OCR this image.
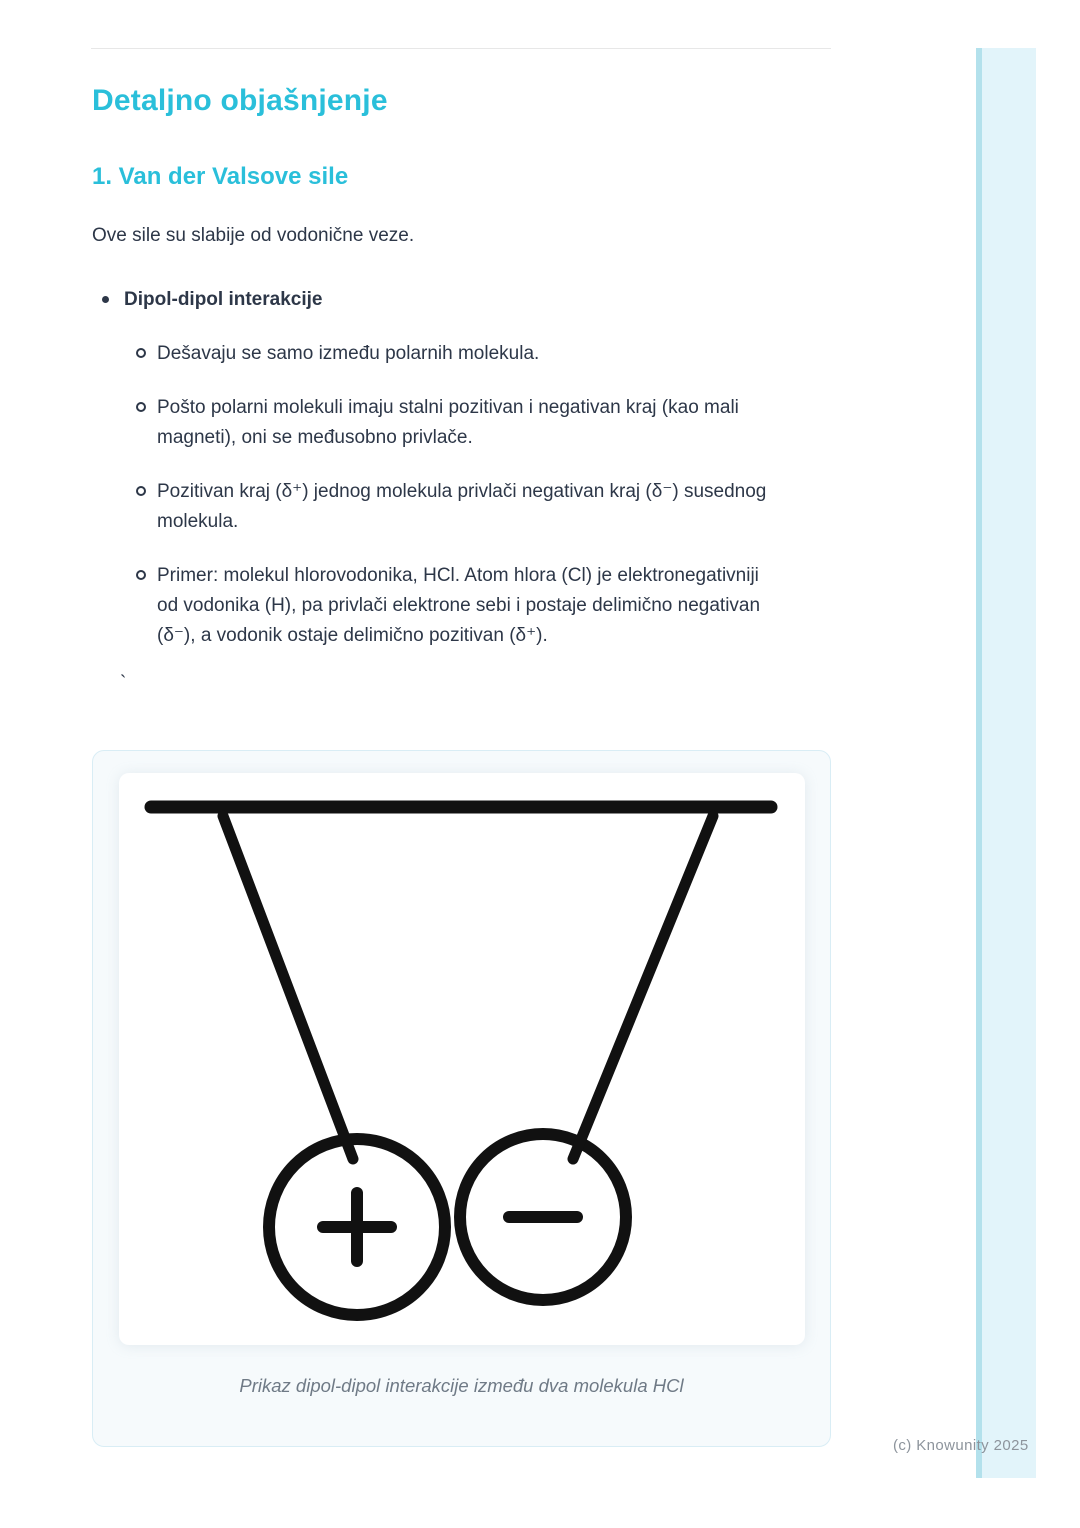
Detaljno objašnjenje
1. Van der Valsove sile

Ove sile su slabije od vodonične veze.

Dipol-dipol interakcije
Dešavaju se samo između polarnih molekula.
Pošto polarni molekuli imaju stalni pozitivan i negativan kraj (kao mali magneti), oni se međusobno privlače.
Pozitivan kraj (δ⁺) jednog molekula privlači negativan kraj (δ⁻) susednog molekula.
Primer: molekul hlorovodonika, HCl. Atom hlora (Cl) je elektronegativniji od vodonika (H), pa privlači elektrone sebi i postaje delimično negativan (δ⁻), a vodonik ostaje delimično pozitivan (δ⁺).
`
Prikaz dipol-dipol interakcije između dva molekula HCl
(c) Knowunity 2025
